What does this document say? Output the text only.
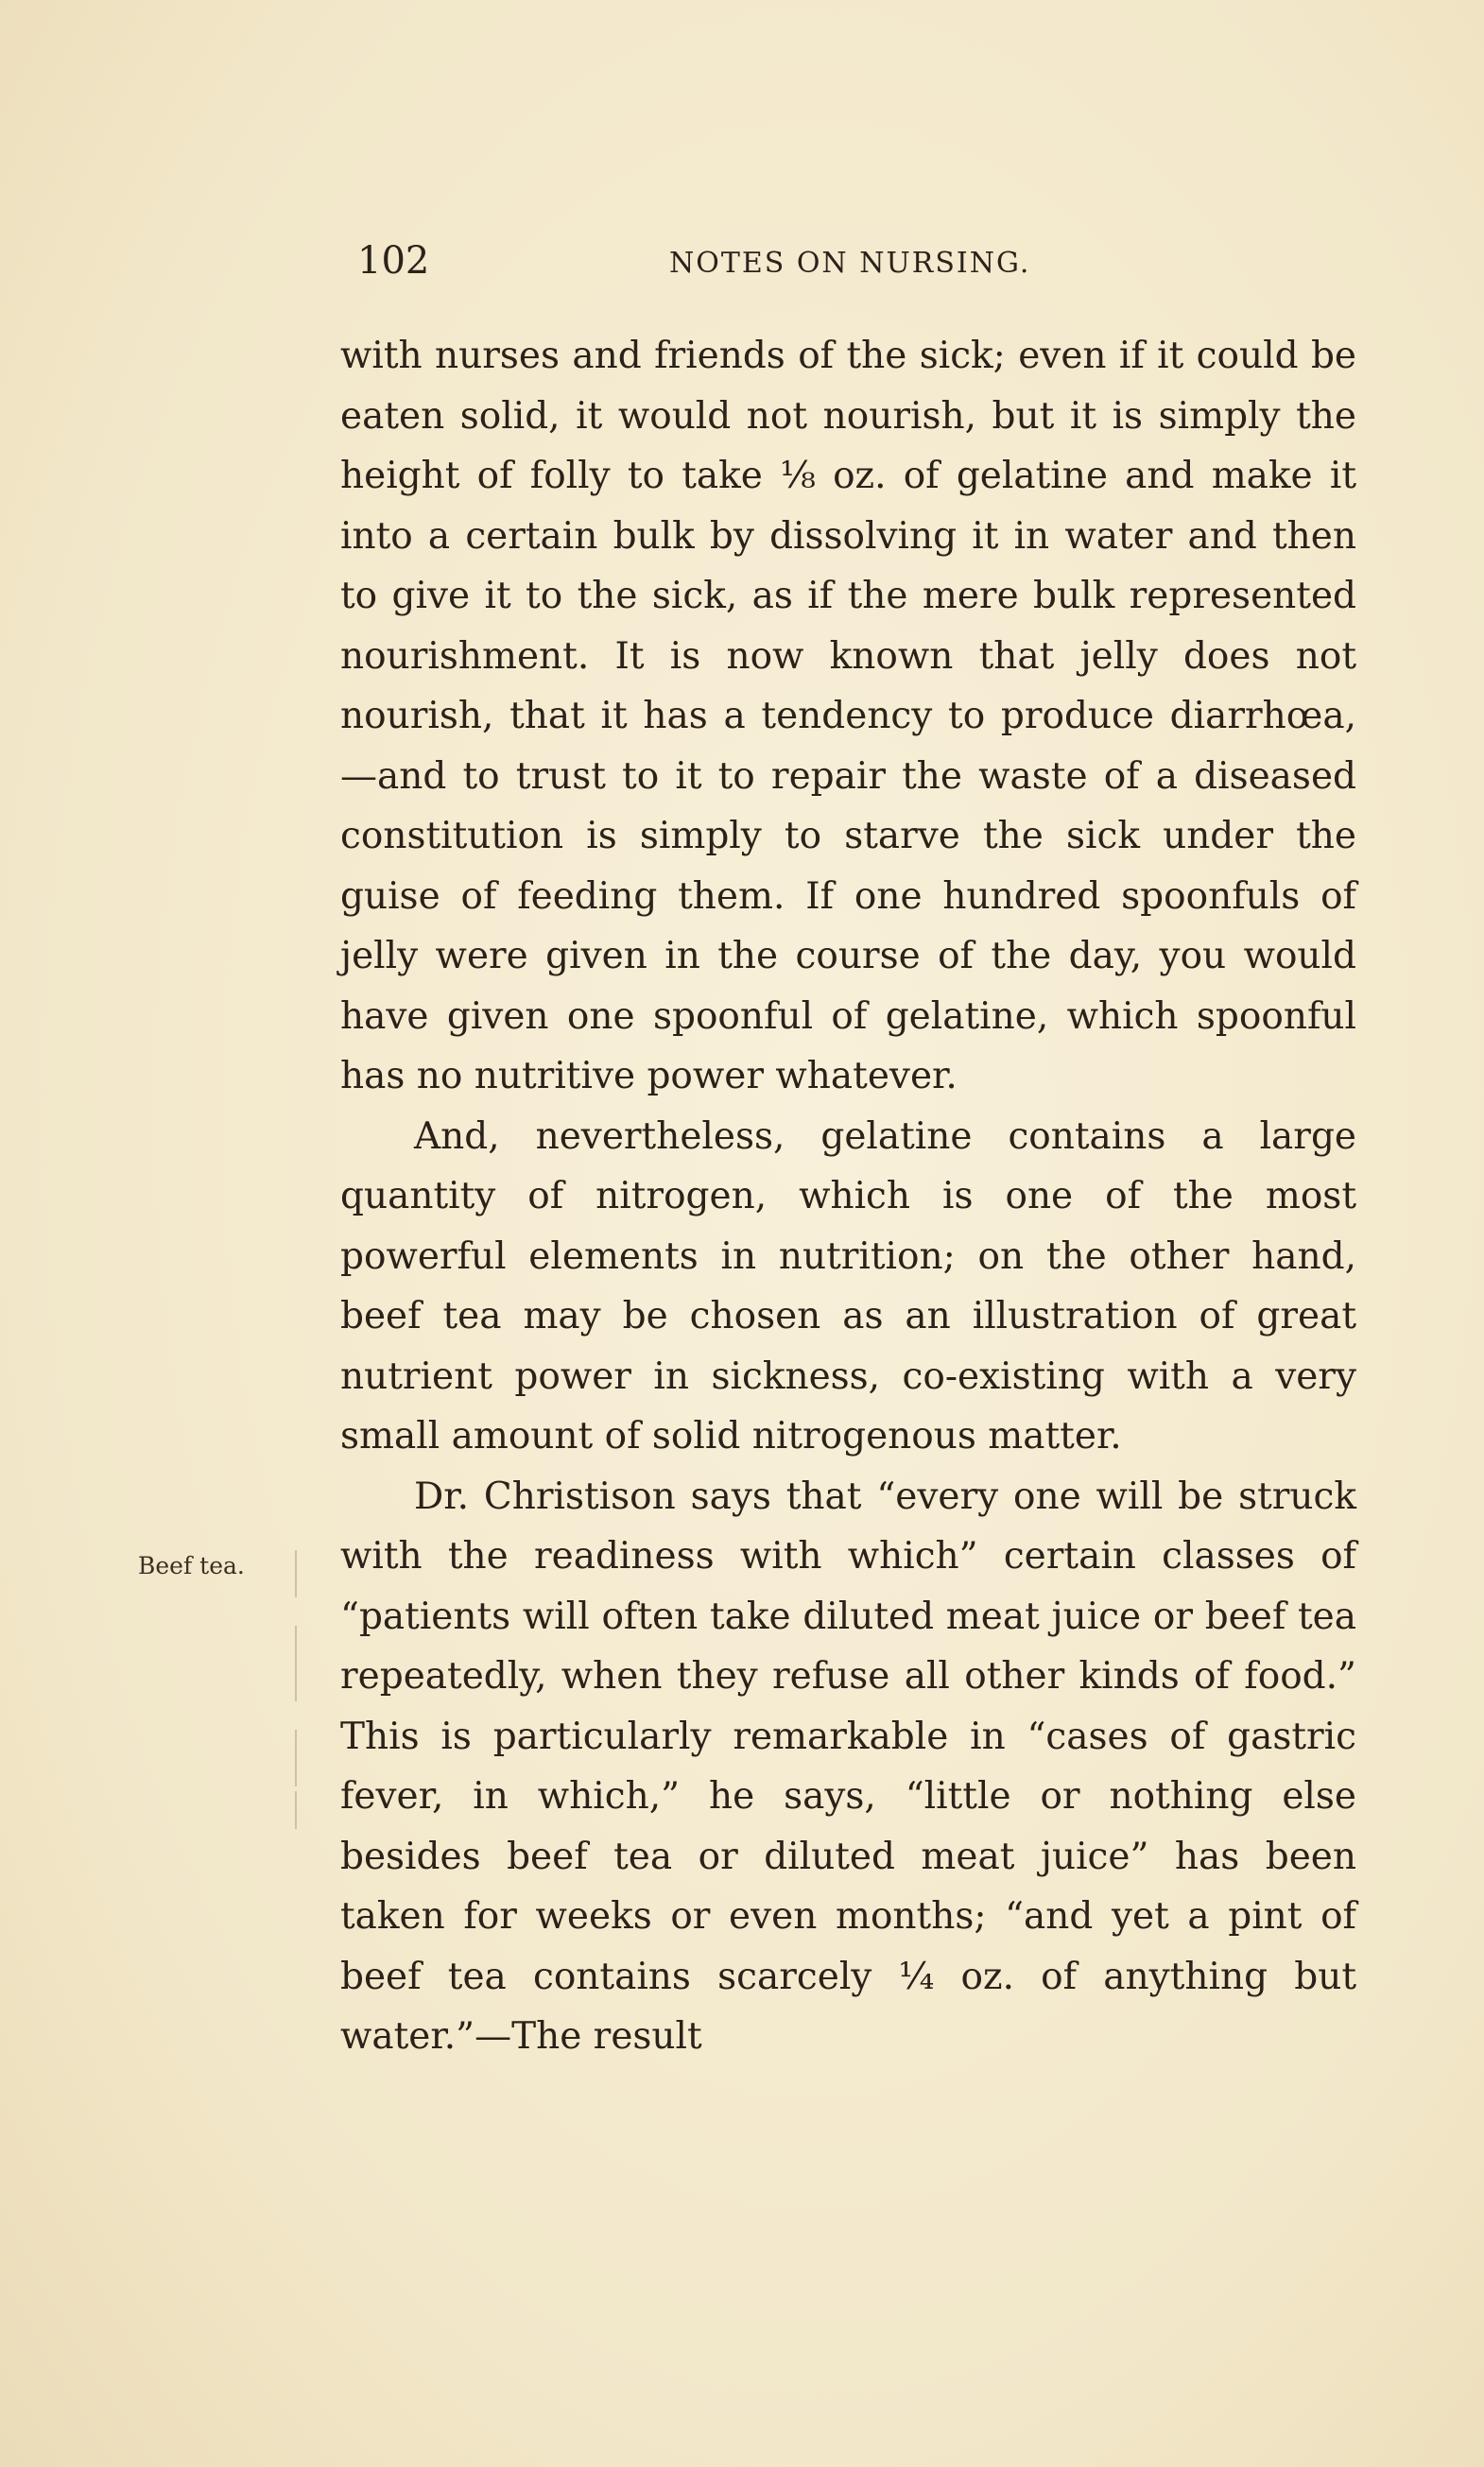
102	NOTES ON NURSING.
Beef tea.

with nurses and friends of the sick; even if it could be eaten solid, it would not nourish, but it is simply the height of folly to take ⅛ oz. of gelatine and make it into a certain bulk by dissolving it in water and then to give it to the sick, as if the mere bulk represented nourishment. It is now known that jelly does not nourish, that it has a tendency to produce diarrhœa,—and to trust to it to repair the waste of a diseased constitution is simply to starve the sick under the guise of feeding them. If one hundred spoonfuls of jelly were given in the course of the day, you would have given one spoonful of gelatine, which spoonful has no nutritive power whatever.

And, nevertheless, gelatine contains a large quantity of nitrogen, which is one of the most powerful elements in nutrition; on the other hand, beef tea may be chosen as an illustration of great nutrient power in sickness, co-existing with a very small amount of solid nitrogenous matter.

Dr. Christison says that “every one will be struck with the readiness with which” certain classes of “patients will often take diluted meat juice or beef tea repeatedly, when they refuse all other kinds of food.” This is particularly remarkable in “cases of gastric fever, in which,” he says, “little or nothing else besides beef tea or diluted meat juice” has been taken for weeks or even months; “and yet a pint of beef tea contains scarcely ¼ oz. of anything but water.”—The result
